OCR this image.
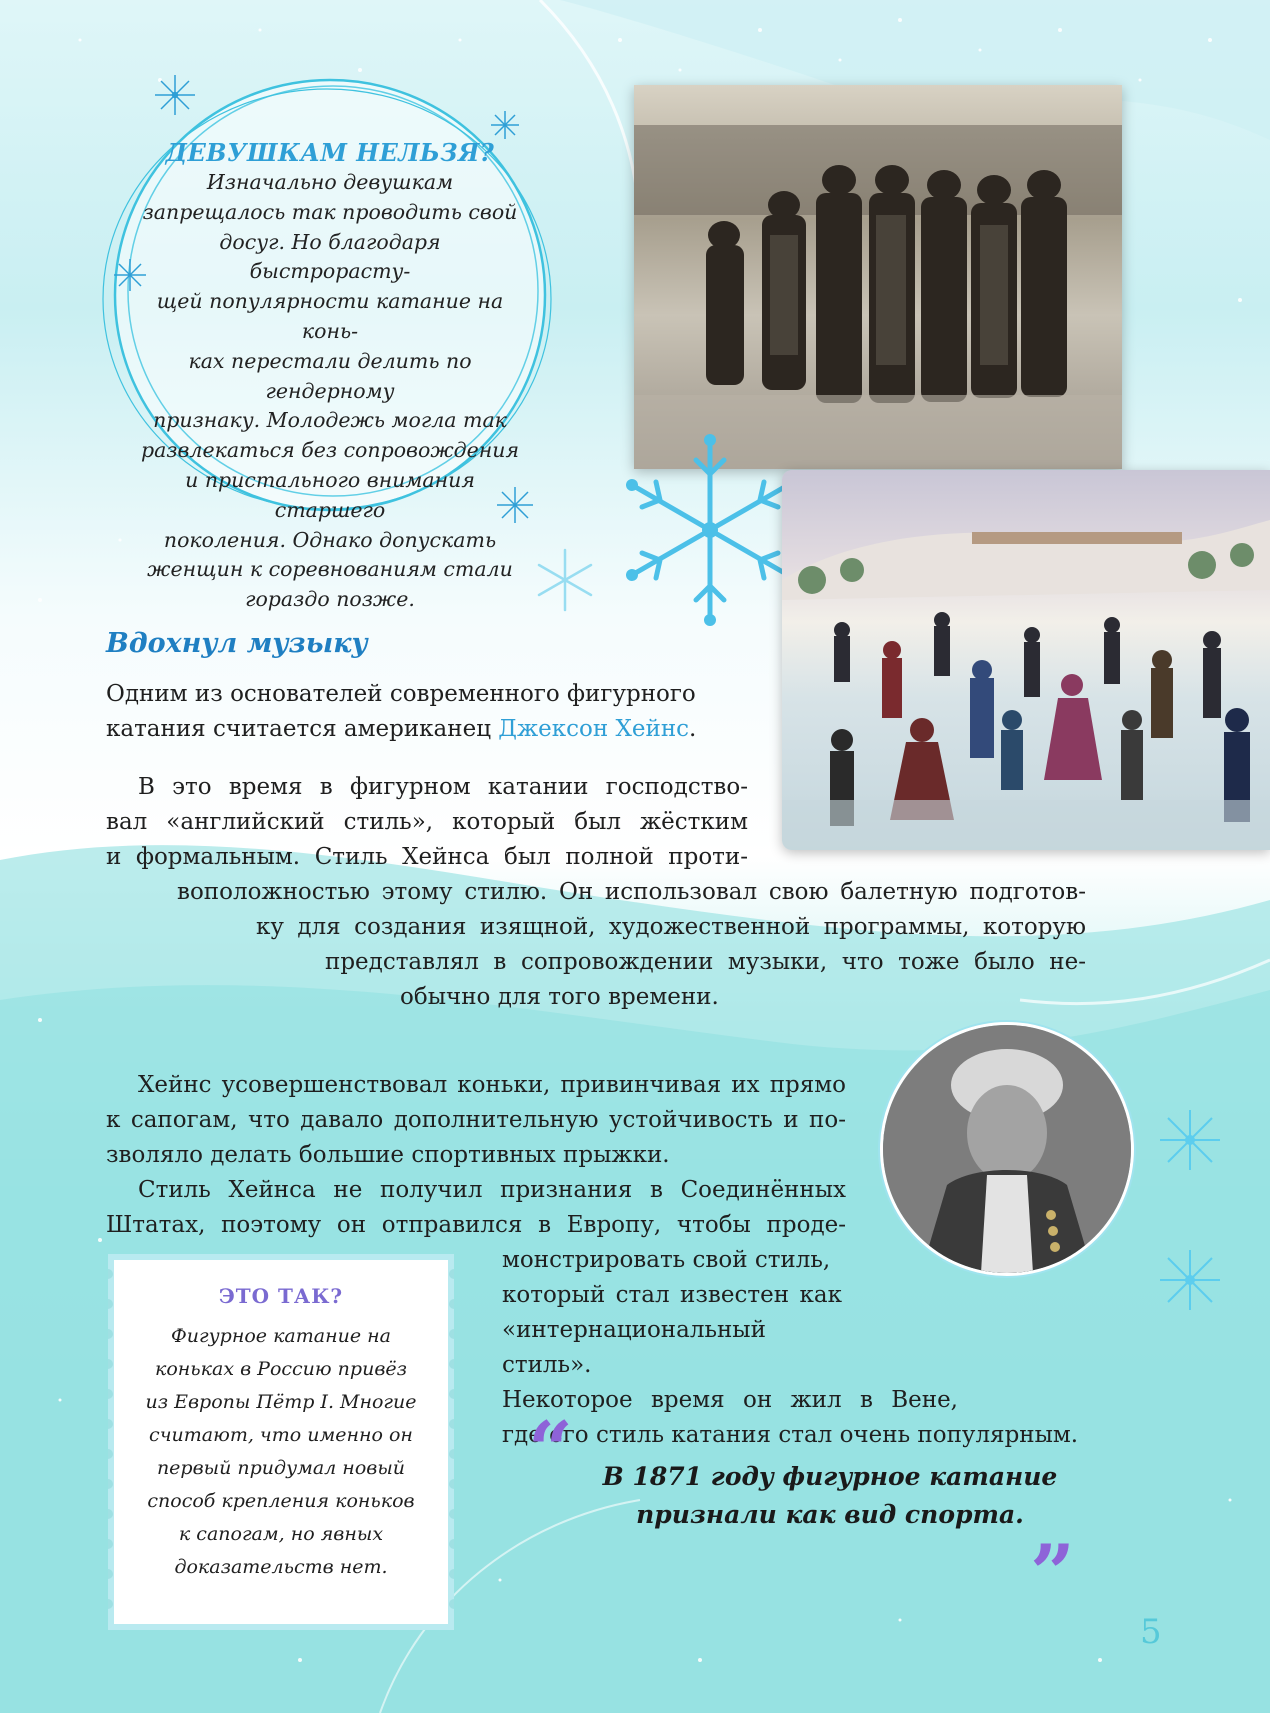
ДЕВУШКАМ НЕЛЬЗЯ?
Изначально девушкам
запрещалось так проводить свой
досуг. Но благодаря быстрорасту-
щей популярности катание на конь-
ках перестали делить по гендерному
признаку. Молодежь могла так
развлекаться без сопровождения
и пристального внимания старшего
поколения. Однако допускать
женщин к соревнованиям стали
гораздо позже.
Вдохнул музыку
Одним из основателей современного фигурного
катания считается американец Джексон Хейнс.
В это время в фигурном катании господство-
вал «английский стиль», который был жёстким
и формальным. Стиль Хейнса был полной проти-
воположностью этому стилю. Он использовал свою балетную подготов-
ку для создания изящной, художественной программы, которую
представлял в сопровождении музыки, что тоже было не-
обычно для того времени.
Хейнс усовершенствовал коньки, привинчивая их прямо
к сапогам, что давало дополнительную устойчивость и по-
зволяло делать большие спортивных прыжки.
Стиль Хейнса не получил признания в Соединённых
Штатах, поэтому он отправился в Европу, чтобы проде-
монстрировать свой стиль,
который стал известен как
«интернациональный стиль».
Некоторое время он жил в Вене,
где его стиль катания стал очень популярным.
ЭТО ТАК?
Фигурное катание на
коньках в Россию привёз
из Европы Пётр I. Многие
считают, что именно он
первый придумал новый
способ крепления коньков
к сапогам, но явных
доказательств нет.
“ В 1871 году фигурное катание
признали как вид спорта.
”
5
